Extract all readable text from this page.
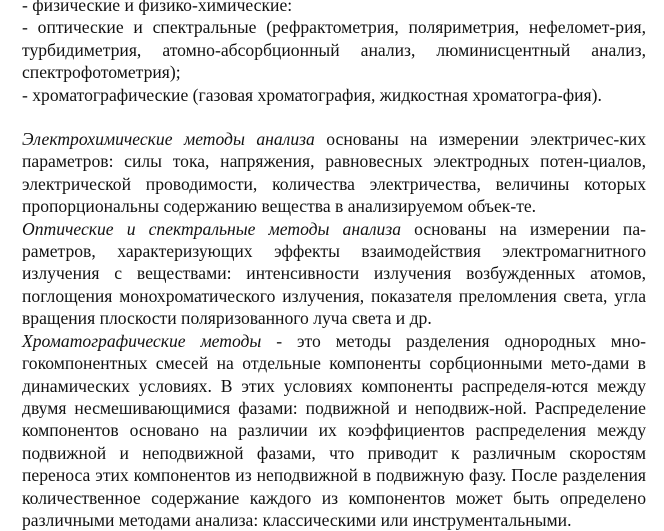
- физические и физико-химические:

- оптические и спектральные (рефрактометрия, поляриметрия, нефеломет-рия, турбидиметрия, атомно-абсорбционный анализ, люминисцентный анализ, спектрофотометрия);

- хроматографические (газовая хроматография, жидкостная хроматогра-фия).

Электрохимические методы анализа основаны на измерении электричес-ких параметров: силы тока, напряжения, равновесных электродных потен-циалов, электрической проводимости, количества электричества, величины которых пропорциональны содержанию вещества в анализируемом объек-те.

Оптические и спектральные методы анализа основаны на измерении па-раметров, характеризующих эффекты взаимодействия электромагнитного излучения с веществами: интенсивности излучения возбужденных атомов, поглощения монохроматического излучения, показателя преломления света, угла вращения плоскости поляризованного луча света и др.

Хроматографические методы - это методы разделения однородных мно-гокомпонентных смесей на отдельные компоненты сорбционными мето-дами в динамических условиях. В этих условиях компоненты распределя-ются между двумя несмешивающимися фазами: подвижной и неподвиж-ной. Распределение компонентов основано на различии их коэффициентов распределения между подвижной и неподвижной фазами, что приводит к различным скоростям переноса этих компонентов из неподвижной в подвижную фазу. После разделения количественное содержание каждого из компонентов может быть определено различными методами анализа: классическими или инструментальными.
